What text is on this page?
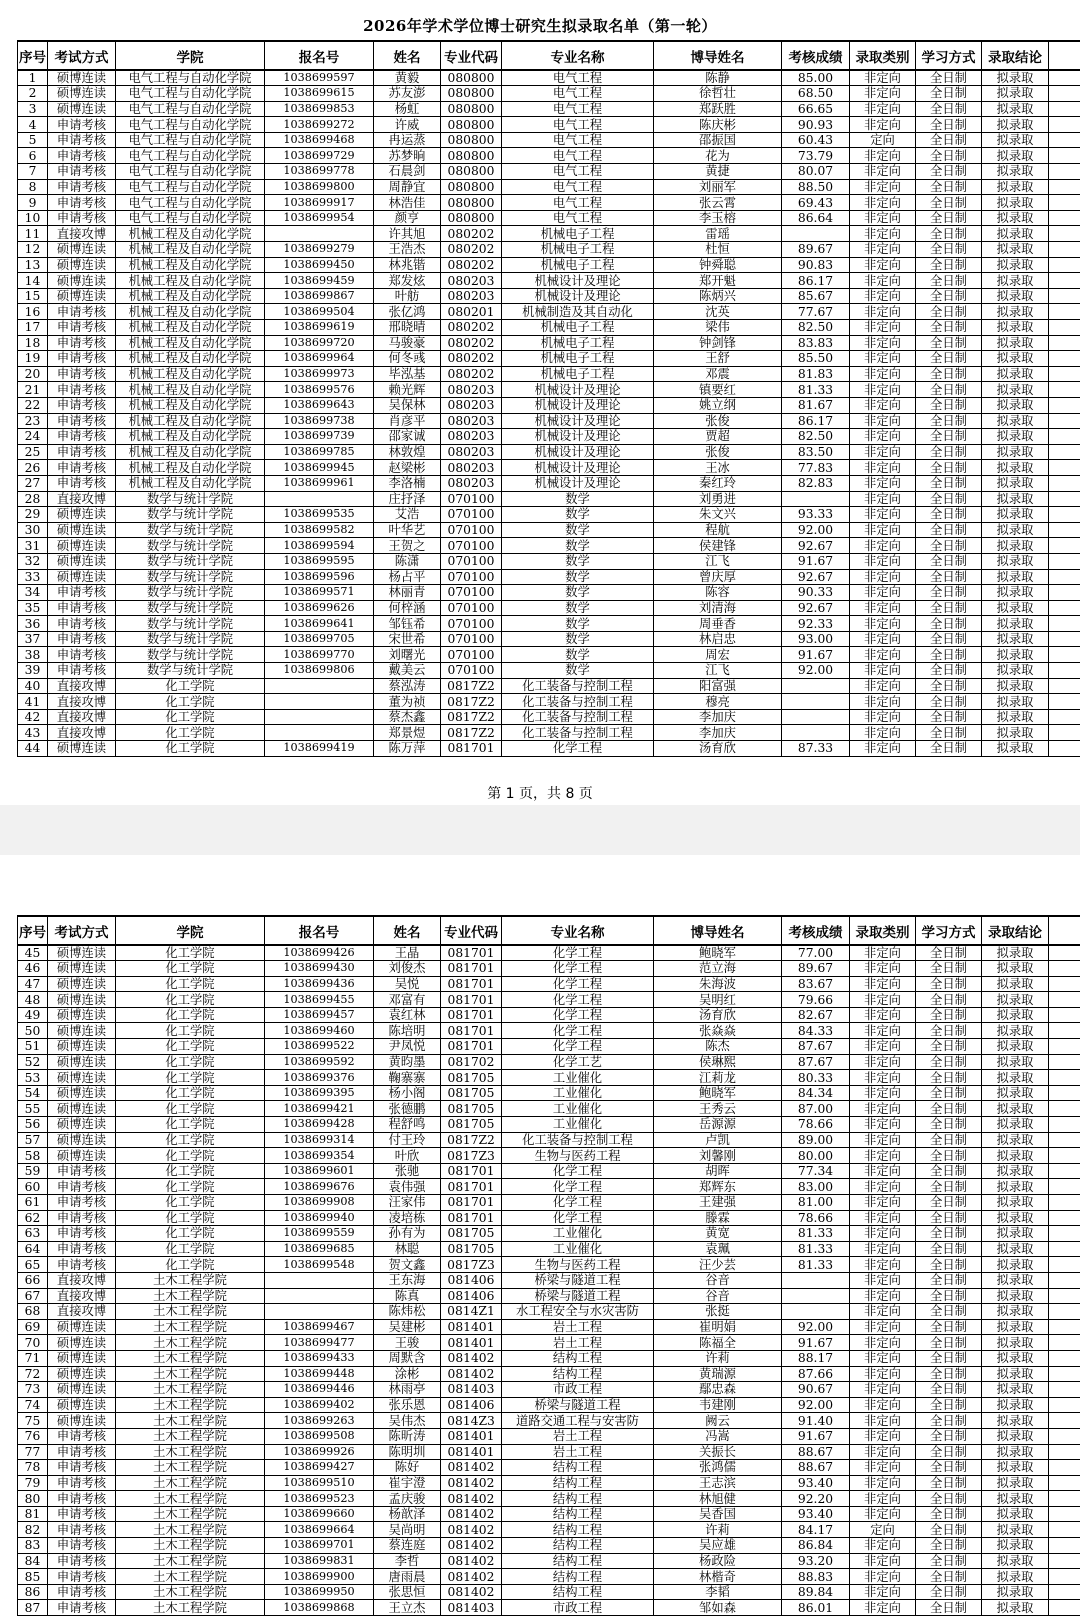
2026年学术学位博士研究生拟录取名单（第一轮）
序号	考试方式	学院	报名号	姓名	专业代码	专业名称	博导姓名	考核成绩	录取类别	学习方式	录取结论	
1	硕博连读	电气工程与自动化学院	1038699597	黄毅	080800	电气工程	陈静	85.00	非定向	全日制	拟录取	
2	硕博连读	电气工程与自动化学院	1038699615	苏友澎	080800	电气工程	徐哲壮	68.50	非定向	全日制	拟录取	
3	硕博连读	电气工程与自动化学院	1038699853	杨虹	080800	电气工程	郑跃胜	66.65	非定向	全日制	拟录取	
4	申请考核	电气工程与自动化学院	1038699272	许威	080800	电气工程	陈庆彬	90.93	非定向	全日制	拟录取	
5	申请考核	电气工程与自动化学院	1038699468	冉运蒸	080800	电气工程	邵振国	60.43	定向	全日制	拟录取	
6	申请考核	电气工程与自动化学院	1038699729	苏梦晌	080800	电气工程	花为	73.79	非定向	全日制	拟录取	
7	申请考核	电气工程与自动化学院	1038699778	石晨剑	080800	电气工程	黄捷	80.07	非定向	全日制	拟录取	
8	申请考核	电气工程与自动化学院	1038699800	周静宜	080800	电气工程	刘丽军	88.50	非定向	全日制	拟录取	
9	申请考核	电气工程与自动化学院	1038699917	林浩佳	080800	电气工程	张云霄	69.43	非定向	全日制	拟录取	
10	申请考核	电气工程与自动化学院	1038699954	颜亨	080800	电气工程	李玉榕	86.64	非定向	全日制	拟录取	
11	直接攻博	机械工程及自动化学院		许其旭	080202	机械电子工程	雷瑶		非定向	全日制	拟录取	
12	硕博连读	机械工程及自动化学院	1038699279	王浩杰	080202	机械电子工程	杜恒	89.67	非定向	全日制	拟录取	
13	硕博连读	机械工程及自动化学院	1038699450	林兆锴	080202	机械电子工程	钟舜聪	90.83	非定向	全日制	拟录取	
14	硕博连读	机械工程及自动化学院	1038699459	郑发炫	080203	机械设计及理论	郑开魁	86.17	非定向	全日制	拟录取	
15	硕博连读	机械工程及自动化学院	1038699867	叶舫	080203	机械设计及理论	陈炳兴	85.67	非定向	全日制	拟录取	
16	申请考核	机械工程及自动化学院	1038699504	张亿鸿	080201	机械制造及其自动化	沈英	77.67	非定向	全日制	拟录取	
17	申请考核	机械工程及自动化学院	1038699619	邢晓晴	080202	机械电子工程	梁伟	82.50	非定向	全日制	拟录取	
18	申请考核	机械工程及自动化学院	1038699720	马骏豪	080202	机械电子工程	钟剑锋	83.83	非定向	全日制	拟录取	
19	申请考核	机械工程及自动化学院	1038699964	何冬彧	080202	机械电子工程	王舒	85.50	非定向	全日制	拟录取	
20	申请考核	机械工程及自动化学院	1038699973	毕泓基	080202	机械电子工程	邓震	81.83	非定向	全日制	拟录取	
21	申请考核	机械工程及自动化学院	1038699576	赖光辉	080203	机械设计及理论	镇要红	81.33	非定向	全日制	拟录取	
22	申请考核	机械工程及自动化学院	1038699643	吴保林	080203	机械设计及理论	姚立纲	81.67	非定向	全日制	拟录取	
23	申请考核	机械工程及自动化学院	1038699738	肖彦平	080203	机械设计及理论	张俊	86.17	非定向	全日制	拟录取	
24	申请考核	机械工程及自动化学院	1038699739	邵家诚	080203	机械设计及理论	贾超	82.50	非定向	全日制	拟录取	
25	申请考核	机械工程及自动化学院	1038699785	林敦煌	080203	机械设计及理论	张俊	83.50	非定向	全日制	拟录取	
26	申请考核	机械工程及自动化学院	1038699945	赵梁彬	080203	机械设计及理论	王冰	77.83	非定向	全日制	拟录取	
27	申请考核	机械工程及自动化学院	1038699961	李洛楠	080203	机械设计及理论	秦红玲	82.83	非定向	全日制	拟录取	
28	直接攻博	数学与统计学院		庄抒泽	070100	数学	刘勇进		非定向	全日制	拟录取	
29	硕博连读	数学与统计学院	1038699535	艾浩	070100	数学	朱文兴	93.33	非定向	全日制	拟录取	
30	硕博连读	数学与统计学院	1038699582	叶华艺	070100	数学	程航	92.00	非定向	全日制	拟录取	
31	硕博连读	数学与统计学院	1038699594	王贺之	070100	数学	侯建锋	92.67	非定向	全日制	拟录取	
32	硕博连读	数学与统计学院	1038699595	陈潇	070100	数学	江飞	91.67	非定向	全日制	拟录取	
33	硕博连读	数学与统计学院	1038699596	杨占平	070100	数学	曾庆厚	92.67	非定向	全日制	拟录取	
34	申请考核	数学与统计学院	1038699571	林丽青	070100	数学	陈容	90.33	非定向	全日制	拟录取	
35	申请考核	数学与统计学院	1038699626	何梓涵	070100	数学	刘清海	92.67	非定向	全日制	拟录取	
36	申请考核	数学与统计学院	1038699641	邹钰希	070100	数学	周垂香	92.33	非定向	全日制	拟录取	
37	申请考核	数学与统计学院	1038699705	宋世希	070100	数学	林启忠	93.00	非定向	全日制	拟录取	
38	申请考核	数学与统计学院	1038699770	刘曙光	070100	数学	周宏	91.67	非定向	全日制	拟录取	
39	申请考核	数学与统计学院	1038699806	戴美云	070100	数学	江飞	92.00	非定向	全日制	拟录取	
40	直接攻博	化工学院		蔡泓涛	0817Z2	化工装备与控制工程	阳富强		非定向	全日制	拟录取	
41	直接攻博	化工学院		董为祯	0817Z2	化工装备与控制工程	穆亮		非定向	全日制	拟录取	
42	直接攻博	化工学院		蔡杰鑫	0817Z2	化工装备与控制工程	李加庆		非定向	全日制	拟录取	
43	直接攻博	化工学院		郑景煜	0817Z2	化工装备与控制工程	李加庆		非定向	全日制	拟录取	
44	硕博连读	化工学院	1038699419	陈万萍	081701	化学工程	汤育欣	87.33	非定向	全日制	拟录取	
第 1 页，共 8 页
序号	考试方式	学院	报名号	姓名	专业代码	专业名称	博导姓名	考核成绩	录取类别	学习方式	录取结论	
45	硕博连读	化工学院	1038699426	王晶	081701	化学工程	鲍晓军	77.00	非定向	全日制	拟录取	
46	硕博连读	化工学院	1038699430	刘俊杰	081701	化学工程	范立海	89.67	非定向	全日制	拟录取	
47	硕博连读	化工学院	1038699436	吴悦	081701	化学工程	朱海波	83.67	非定向	全日制	拟录取	
48	硕博连读	化工学院	1038699455	邓富有	081701	化学工程	吴明红	79.66	非定向	全日制	拟录取	
49	硕博连读	化工学院	1038699457	袁红林	081701	化学工程	汤育欣	82.67	非定向	全日制	拟录取	
50	硕博连读	化工学院	1038699460	陈培明	081701	化学工程	张焱焱	84.33	非定向	全日制	拟录取	
51	硕博连读	化工学院	1038699522	尹凤悦	081701	化学工程	陈杰	87.67	非定向	全日制	拟录取	
52	硕博连读	化工学院	1038699592	黄昀墨	081702	化学工艺	侯琳熙	87.67	非定向	全日制	拟录取	
53	硕博连读	化工学院	1038699376	鞠寨寨	081705	工业催化	江莉龙	80.33	非定向	全日制	拟录取	
54	硕博连读	化工学院	1038699395	杨小阁	081705	工业催化	鲍晓军	84.34	非定向	全日制	拟录取	
55	硕博连读	化工学院	1038699421	张德鹏	081705	工业催化	王秀云	87.00	非定向	全日制	拟录取	
56	硕博连读	化工学院	1038699428	程舒鸣	081705	工业催化	岳源源	78.66	非定向	全日制	拟录取	
57	硕博连读	化工学院	1038699314	付王玲	0817Z2	化工装备与控制工程	卢凯	89.00	非定向	全日制	拟录取	
58	硕博连读	化工学院	1038699354	叶欣	0817Z3	生物与医药工程	刘馨刚	80.00	非定向	全日制	拟录取	
59	申请考核	化工学院	1038699601	张驰	081701	化学工程	胡晖	77.34	非定向	全日制	拟录取	
60	申请考核	化工学院	1038699676	袁伟强	081701	化学工程	郑辉东	83.00	非定向	全日制	拟录取	
61	申请考核	化工学院	1038699908	汪家伟	081701	化学工程	王建强	81.00	非定向	全日制	拟录取	
62	申请考核	化工学院	1038699940	凌培栋	081701	化学工程	滕霖	78.66	非定向	全日制	拟录取	
63	申请考核	化工学院	1038699559	孙有为	081705	工业催化	黄宽	81.33	非定向	全日制	拟录取	
64	申请考核	化工学院	1038699685	林聪	081705	工业催化	袁珮	81.33	非定向	全日制	拟录取	
65	申请考核	化工学院	1038699548	贺文鑫	0817Z3	生物与医药工程	汪少芸	81.33	非定向	全日制	拟录取	
66	直接攻博	土木工程学院		王东海	081406	桥梁与隧道工程	谷音		非定向	全日制	拟录取	
67	直接攻博	土木工程学院		陈真	081406	桥梁与隧道工程	谷音		非定向	全日制	拟录取	
68	直接攻博	土木工程学院		陈炜松	0814Z1	水工程安全与水灾害防	张挺		非定向	全日制	拟录取	
69	硕博连读	土木工程学院	1038699467	吴建彬	081401	岩土工程	崔明娟	92.00	非定向	全日制	拟录取	
70	硕博连读	土木工程学院	1038699477	王骏	081401	岩土工程	陈福全	91.67	非定向	全日制	拟录取	
71	硕博连读	土木工程学院	1038699433	周默含	081402	结构工程	许莉	88.17	非定向	全日制	拟录取	
72	硕博连读	土木工程学院	1038699448	涂彬	081402	结构工程	黄瑞源	87.66	非定向	全日制	拟录取	
73	硕博连读	土木工程学院	1038699446	林雨亭	081403	市政工程	鄢忠森	90.67	非定向	全日制	拟录取	
74	硕博连读	土木工程学院	1038699402	张乐恩	081406	桥梁与隧道工程	韦建刚	92.00	非定向	全日制	拟录取	
75	硕博连读	土木工程学院	1038699263	吴伟杰	0814Z3	道路交通工程与安害防	阙云	91.40	非定向	全日制	拟录取	
76	申请考核	土木工程学院	1038699508	陈昕涛	081401	岩土工程	冯嵩	91.67	非定向	全日制	拟录取	
77	申请考核	土木工程学院	1038699926	陈明圳	081401	岩土工程	关振长	88.67	非定向	全日制	拟录取	
78	申请考核	土木工程学院	1038699427	陈好	081402	结构工程	张鸿儒	88.67	非定向	全日制	拟录取	
79	申请考核	土木工程学院	1038699510	崔宇澄	081402	结构工程	王志滨	93.40	非定向	全日制	拟录取	
80	申请考核	土木工程学院	1038699523	孟庆骏	081402	结构工程	林旭健	92.20	非定向	全日制	拟录取	
81	申请考核	土木工程学院	1038699660	杨歆泽	081402	结构工程	吴香国	93.40	非定向	全日制	拟录取	
82	申请考核	土木工程学院	1038699664	吴尚明	081402	结构工程	许莉	84.17	定向	全日制	拟录取	
83	申请考核	土木工程学院	1038699701	蔡连庭	081402	结构工程	吴应雄	86.84	非定向	全日制	拟录取	
84	申请考核	土木工程学院	1038699831	李哲	081402	结构工程	杨政险	93.20	非定向	全日制	拟录取	
85	申请考核	土木工程学院	1038699900	唐雨晨	081402	结构工程	林楷奇	88.83	非定向	全日制	拟录取	
86	申请考核	土木工程学院	1038699950	张思恒	081402	结构工程	李韬	89.84	非定向	全日制	拟录取	
87	申请考核	土木工程学院	1038699868	王立杰	081403	市政工程	邹如森	86.01	非定向	全日制	拟录取	
